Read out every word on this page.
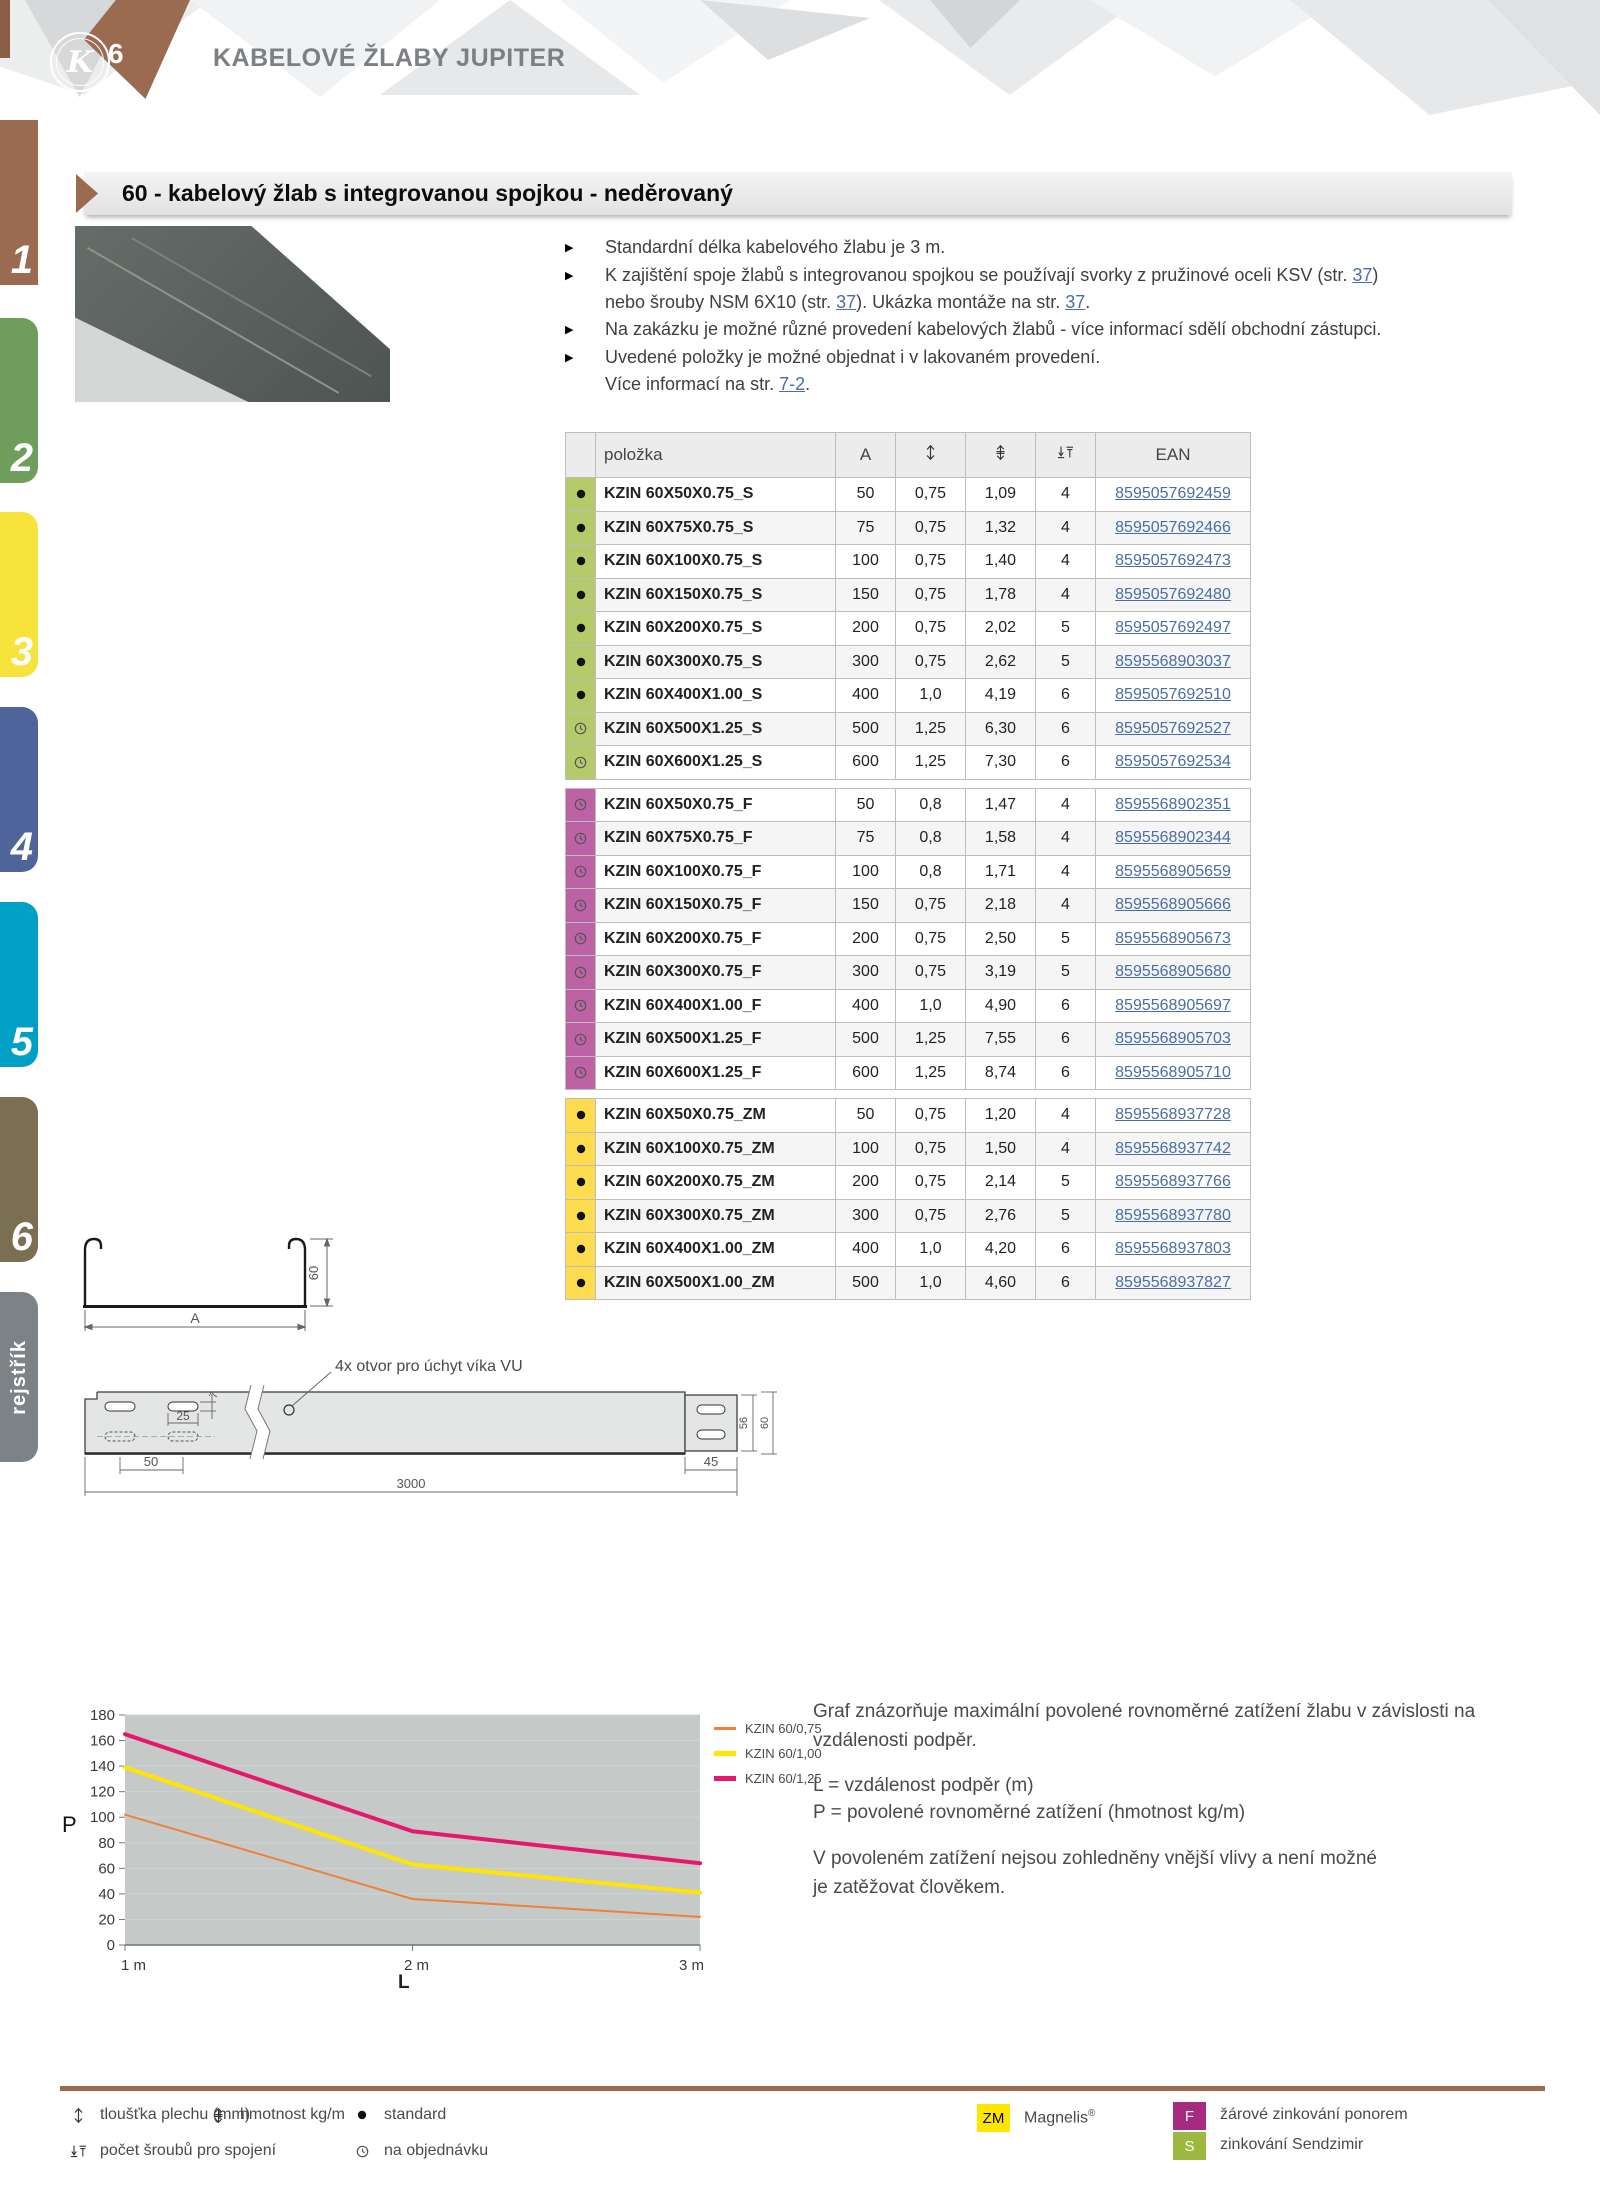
K 6	KABELOVÉ ŽLABY JUPITER
1
2
3
4
5
6
rejstřík
60 - kabelový žlab s integrovanou spojkou - neděrovaný
▶	Standardní délka kabelového žlabu je 3 m.
▶	K zajištění spoje žlabů s integrovanou spojkou se používají svorky z pružinové oceli KSV (str. 37)
nebo šrouby NSM 6X10 (str. 37). Ukázka montáže na str. 37.
▶	Na zakázku je možné různé provedení kabelových žlabů - více informací sdělí obchodní zástupci.
▶	Uvedené položky je možné objednat i v lakovaném provedení.
Více informací na str. 7-2.
	položka	A				EAN
	KZIN 60X50X0.75_S	50	0,75	1,09	4	8595057692459
	KZIN 60X75X0.75_S	75	0,75	1,32	4	8595057692466
	KZIN 60X100X0.75_S	100	0,75	1,40	4	8595057692473
	KZIN 60X150X0.75_S	150	0,75	1,78	4	8595057692480
	KZIN 60X200X0.75_S	200	0,75	2,02	5	8595057692497
	KZIN 60X300X0.75_S	300	0,75	2,62	5	8595568903037
	KZIN 60X400X1.00_S	400	1,0	4,19	6	8595057692510
	KZIN 60X500X1.25_S	500	1,25	6,30	6	8595057692527
	KZIN 60X600X1.25_S	600	1,25	7,30	6	8595057692534
	KZIN 60X50X0.75_F	50	0,8	1,47	4	8595568902351
	KZIN 60X75X0.75_F	75	0,8	1,58	4	8595568902344
	KZIN 60X100X0.75_F	100	0,8	1,71	4	8595568905659
	KZIN 60X150X0.75_F	150	0,75	2,18	4	8595568905666
	KZIN 60X200X0.75_F	200	0,75	2,50	5	8595568905673
	KZIN 60X300X0.75_F	300	0,75	3,19	5	8595568905680
	KZIN 60X400X1.00_F	400	1,0	4,90	6	8595568905697
	KZIN 60X500X1.25_F	500	1,25	7,55	6	8595568905703
	KZIN 60X600X1.25_F	600	1,25	8,74	6	8595568905710
	KZIN 60X50X0.75_ZM	50	0,75	1,20	4	8595568937728
	KZIN 60X100X0.75_ZM	100	0,75	1,50	4	8595568937742
	KZIN 60X200X0.75_ZM	200	0,75	2,14	5	8595568937766
	KZIN 60X300X0.75_ZM	300	0,75	2,76	5	8595568937780
	KZIN 60X400X1.00_ZM	400	1,0	4,20	6	8595568937803
	KZIN 60X500X1.00_ZM	500	1,0	4,60	6	8595568937827
60
A
4x otvor pro úchyt víka VU
25
7
50
3000
45
56 60
0
20
40
60
80
100
120
140
160
180
1 m	2 m	3 m
P
L
KZIN 60/0,75
KZIN 60/1,00
KZIN 60/1,25
Graf znázorňuje maximální povolené rovnoměrné zatížení žlabu v závislosti na vzdálenosti podpěr.
L = vzdálenost podpěr (m)
P = povolené rovnoměrné zatížení (hmotnost kg/m)
V povoleném zatížení nejsou zohledněny vnější vlivy a není možné
je zatěžovat člověkem.
tloušťka plechu (mm)
hmotnost kg/m standard
počet šroubů pro spojení	na objednávku
ZM	Magnelis®	F	žárové zinkování ponorem
S	zinkování Sendzimir
